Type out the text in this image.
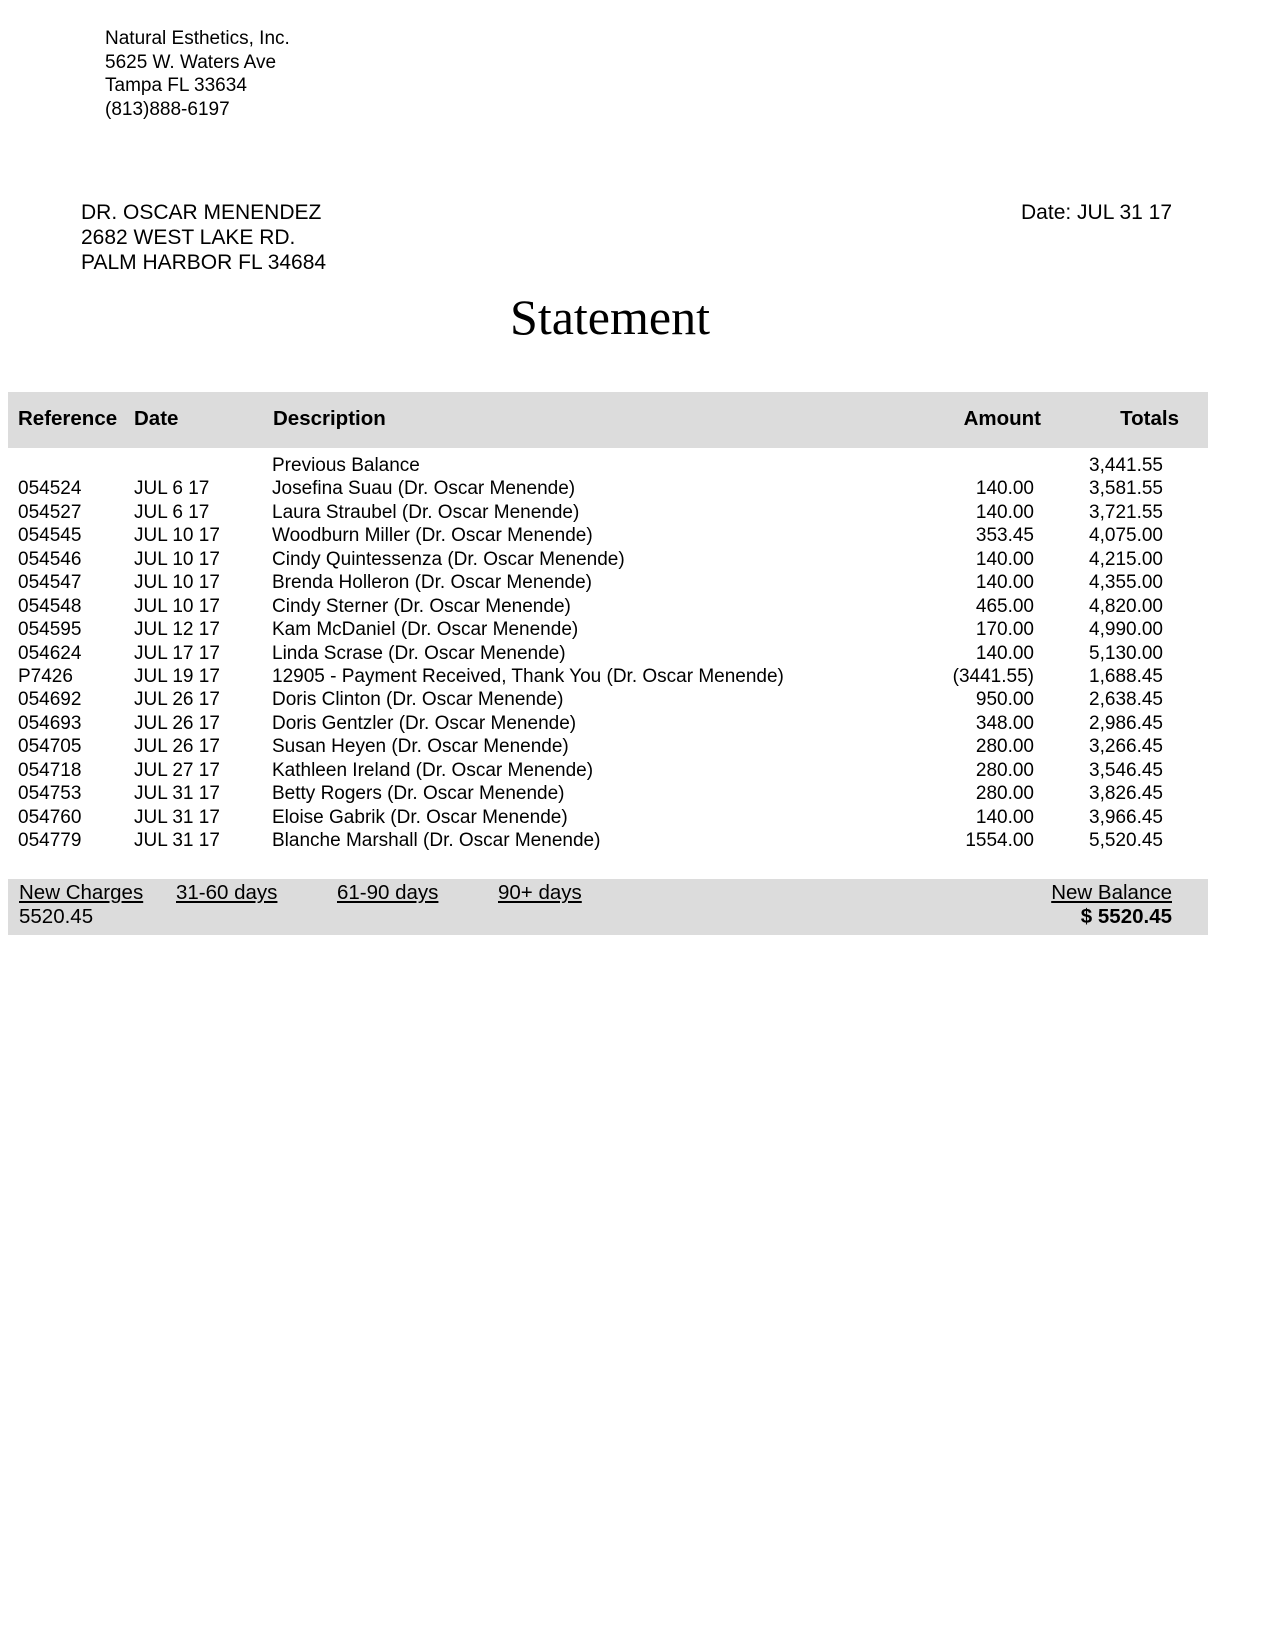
Natural Esthetics, Inc.
5625 W. Waters Ave
Tampa FL 33634
(813)888-6197
DR. OSCAR MENENDEZ
2682 WEST LAKE RD.
PALM HARBOR FL 34684
Date: JUL 31 17
Statement
Reference Date	Description	Amount	Totals
Previous Balance	3,441.55
054524	JUL 6 17	Josefina Suau (Dr. Oscar Menende)	140.00	3,581.55
054527	JUL 6 17	Laura Straubel (Dr. Oscar Menende)	140.00	3,721.55
054545	JUL 10 17	Woodburn Miller (Dr. Oscar Menende)	353.45	4,075.00
054546	JUL 10 17	Cindy Quintessenza (Dr. Oscar Menende)	140.00	4,215.00
054547	JUL 10 17	Brenda Holleron (Dr. Oscar Menende)	140.00	4,355.00
054548	JUL 10 17	Cindy Sterner (Dr. Oscar Menende)	465.00	4,820.00
054595	JUL 12 17	Kam McDaniel (Dr. Oscar Menende)	170.00	4,990.00
054624	JUL 17 17	Linda Scrase (Dr. Oscar Menende)	140.00	5,130.00
P7426	JUL 19 17	12905 - Payment Received, Thank You (Dr. Oscar Menende)	(3441.55)	1,688.45
054692	JUL 26 17	Doris Clinton (Dr. Oscar Menende)	950.00	2,638.45
054693	JUL 26 17	Doris Gentzler (Dr. Oscar Menende)	348.00	2,986.45
054705	JUL 26 17	Susan Heyen (Dr. Oscar Menende)	280.00	3,266.45
054718	JUL 27 17	Kathleen Ireland (Dr. Oscar Menende)	280.00	3,546.45
054753	JUL 31 17	Betty Rogers (Dr. Oscar Menende)	280.00	3,826.45
054760	JUL 31 17	Eloise Gabrik (Dr. Oscar Menende)	140.00	3,966.45
054779	JUL 31 17	Blanche Marshall (Dr. Oscar Menende)	1554.00	5,520.45
New Charges 31-60 days	61-90 days	90+ days	New Balance
5520.45	$ 5520.45
